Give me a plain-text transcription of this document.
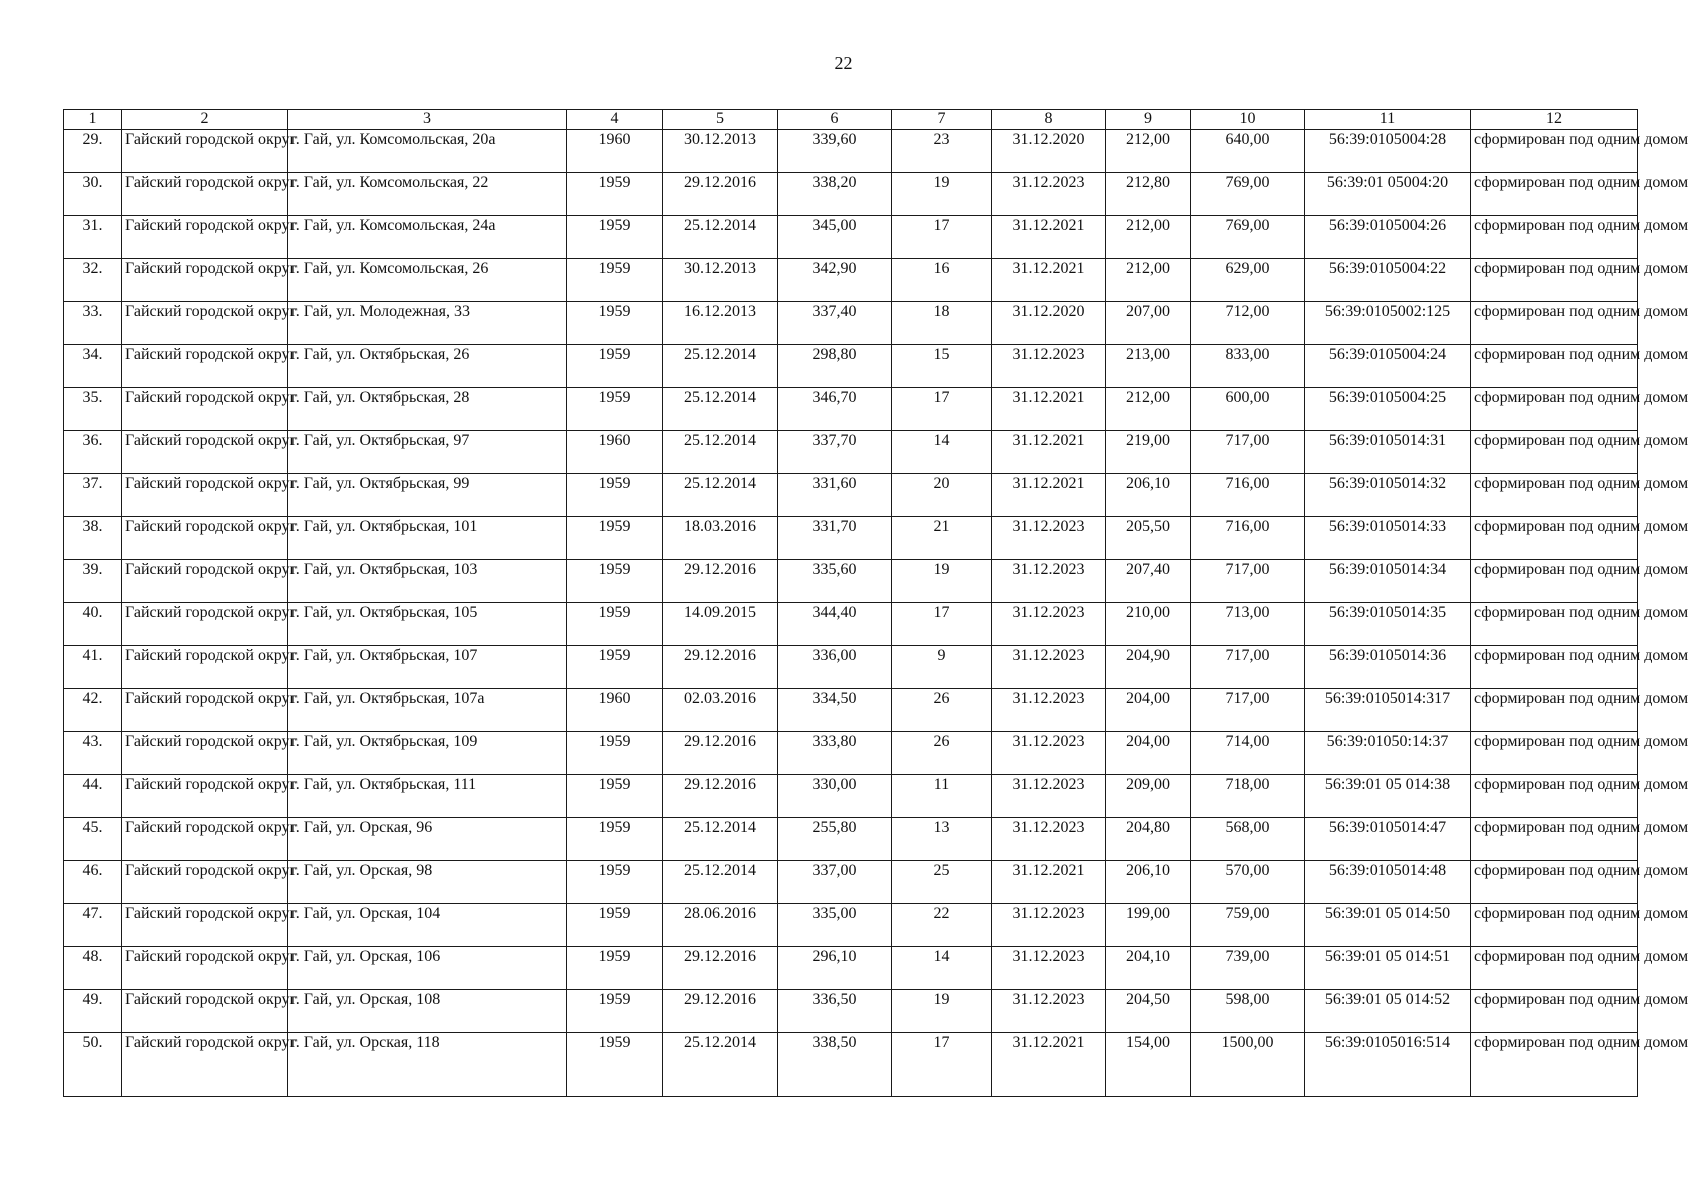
22
1	2	3	4	5	6	7	8	9	10	11	12
29.	Гайский городской округ	г. Гай, ул. Комсомольская, 20а	1960	30.12.2013	339,60	23	31.12.2020	212,00	640,00	56:39:0105004:28	сформирован под одним домом
30.	Гайский городской округ	г. Гай, ул. Комсомольская, 22	1959	29.12.2016	338,20	19	31.12.2023	212,80	769,00	56:39:01 05004:20	сформирован под одним домом
31.	Гайский городской округ	г. Гай, ул. Комсомольская, 24а	1959	25.12.2014	345,00	17	31.12.2021	212,00	769,00	56:39:0105004:26	сформирован под одним домом
32.	Гайский городской округ	г. Гай, ул. Комсомольская, 26	1959	30.12.2013	342,90	16	31.12.2021	212,00	629,00	56:39:0105004:22	сформирован под одним домом
33.	Гайский городской округ	г. Гай, ул. Молодежная, 33	1959	16.12.2013	337,40	18	31.12.2020	207,00	712,00	56:39:0105002:125	сформирован под одним домом
34.	Гайский городской округ	г. Гай, ул. Октябрьская, 26	1959	25.12.2014	298,80	15	31.12.2023	213,00	833,00	56:39:0105004:24	сформирован под одним домом
35.	Гайский городской округ	г. Гай, ул. Октябрьская, 28	1959	25.12.2014	346,70	17	31.12.2021	212,00	600,00	56:39:0105004:25	сформирован под одним домом
36.	Гайский городской округ	г. Гай, ул. Октябрьская, 97	1960	25.12.2014	337,70	14	31.12.2021	219,00	717,00	56:39:0105014:31	сформирован под одним домом
37.	Гайский городской округ	г. Гай, ул. Октябрьская, 99	1959	25.12.2014	331,60	20	31.12.2021	206,10	716,00	56:39:0105014:32	сформирован под одним домом
38.	Гайский городской округ	г. Гай, ул. Октябрьская, 101	1959	18.03.2016	331,70	21	31.12.2023	205,50	716,00	56:39:0105014:33	сформирован под одним домом
39.	Гайский городской округ	г. Гай, ул. Октябрьская, 103	1959	29.12.2016	335,60	19	31.12.2023	207,40	717,00	56:39:0105014:34	сформирован под одним домом
40.	Гайский городской округ	г. Гай, ул. Октябрьская, 105	1959	14.09.2015	344,40	17	31.12.2023	210,00	713,00	56:39:0105014:35	сформирован под одним домом
41.	Гайский городской округ	г. Гай, ул. Октябрьская, 107	1959	29.12.2016	336,00	9	31.12.2023	204,90	717,00	56:39:0105014:36	сформирован под одним домом
42.	Гайский городской округ	г. Гай, ул. Октябрьская, 107а	1960	02.03.2016	334,50	26	31.12.2023	204,00	717,00	56:39:0105014:317	сформирован под одним домом
43.	Гайский городской округ	г. Гай, ул. Октябрьская, 109	1959	29.12.2016	333,80	26	31.12.2023	204,00	714,00	56:39:01050:14:37	сформирован под одним домом
44.	Гайский городской округ	г. Гай, ул. Октябрьская, 111	1959	29.12.2016	330,00	11	31.12.2023	209,00	718,00	56:39:01 05 014:38	сформирован под одним домом
45.	Гайский городской округ	г. Гай, ул. Орская, 96	1959	25.12.2014	255,80	13	31.12.2023	204,80	568,00	56:39:0105014:47	сформирован под одним домом
46.	Гайский городской округ	г. Гай, ул. Орская, 98	1959	25.12.2014	337,00	25	31.12.2021	206,10	570,00	56:39:0105014:48	сформирован под одним домом
47.	Гайский городской округ	г. Гай, ул. Орская, 104	1959	28.06.2016	335,00	22	31.12.2023	199,00	759,00	56:39:01 05 014:50	сформирован под одним домом
48.	Гайский городской округ	г. Гай, ул. Орская, 106	1959	29.12.2016	296,10	14	31.12.2023	204,10	739,00	56:39:01 05 014:51	сформирован под одним домом
49.	Гайский городской округ	г. Гай, ул. Орская, 108	1959	29.12.2016	336,50	19	31.12.2023	204,50	598,00	56:39:01 05 014:52	сформирован под одним домом
50.	Гайский городской округ	г. Гай, ул. Орская, 118	1959	25.12.2014	338,50	17	31.12.2021	154,00	1500,00	56:39:0105016:514	сформирован под одним домом
